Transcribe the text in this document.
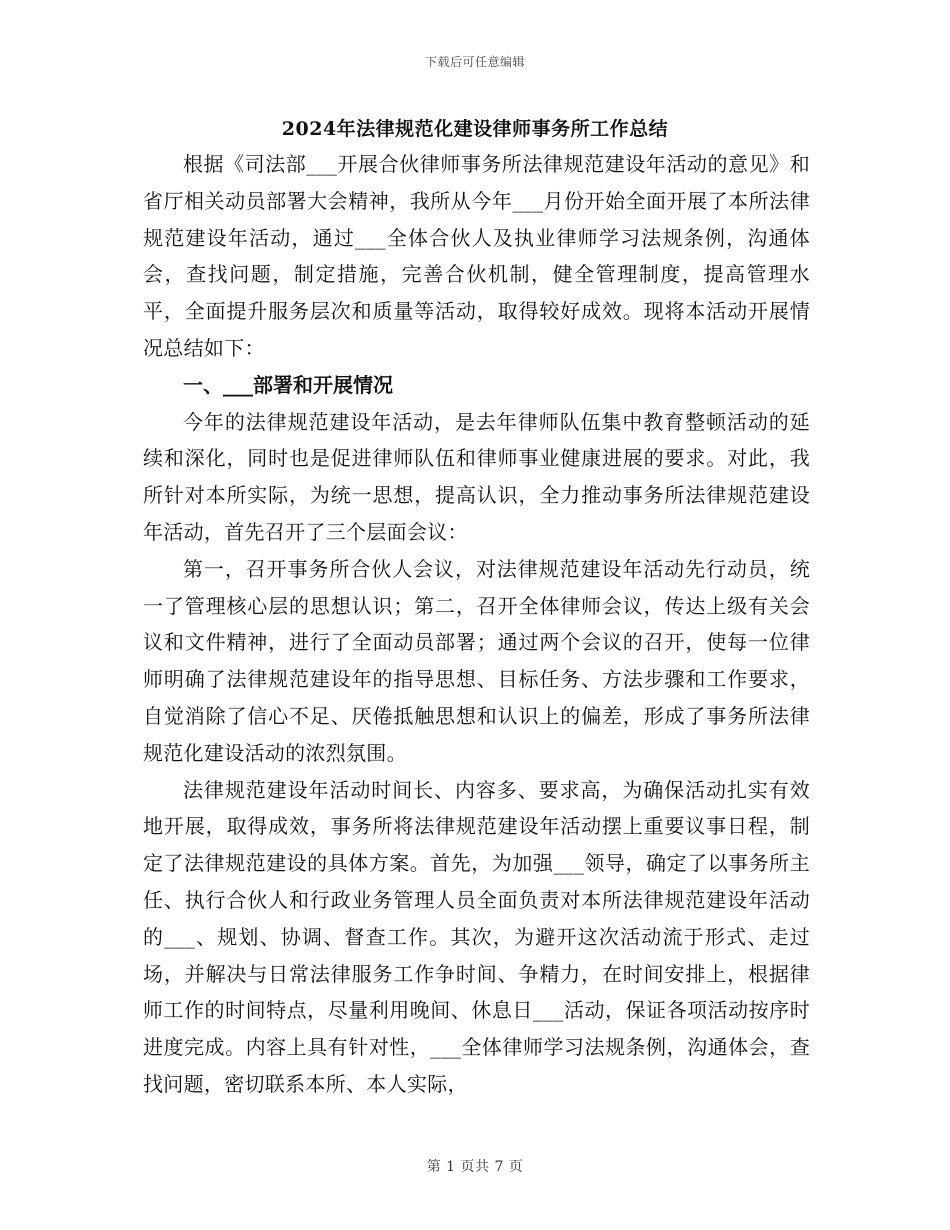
下载后可任意编辑
2024年法律规范化建设律师事务所工作总结

根据《司法部___开展合伙律师事务所法律规范建设年活动的意见》和省厅相关动员部署大会精神，我所从今年___月份开始全面开展了本所法律规范建设年活动，通过___全体合伙人及执业律师学习法规条例，沟通体会，查找问题，制定措施，完善合伙机制，健全管理制度，提高管理水平，全面提升服务层次和质量等活动，取得较好成效。现将本活动开展情况总结如下：

一、___部署和开展情况

今年的法律规范建设年活动，是去年律师队伍集中教育整顿活动的延续和深化，同时也是促进律师队伍和律师事业健康进展的要求。对此，我所针对本所实际，为统一思想，提高认识，全力推动事务所法律规范建设年活动，首先召开了三个层面会议：

第一，召开事务所合伙人会议，对法律规范建设年活动先行动员，统一了管理核心层的思想认识；第二，召开全体律师会议，传达上级有关会议和文件精神，进行了全面动员部署；通过两个会议的召开，使每一位律师明确了法律规范建设年的指导思想、目标任务、方法步骤和工作要求，自觉消除了信心不足、厌倦抵触思想和认识上的偏差，形成了事务所法律规范化建设活动的浓烈氛围。

法律规范建设年活动时间长、内容多、要求高，为确保活动扎实有效地开展，取得成效，事务所将法律规范建设年活动摆上重要议事日程，制定了法律规范建设的具体方案。首先，为加强___领导，确定了以事务所主任、执行合伙人和行政业务管理人员全面负责对本所法律规范建设年活动的___、规划、协调、督查工作。其次，为避开这次活动流于形式、走过场，并解决与日常法律服务工作争时间、争精力，在时间安排上，根据律师工作的时间特点，尽量利用晚间、休息日___活动，保证各项活动按序时进度完成。内容上具有针对性，___全体律师学习法规条例，沟通体会，查找问题，密切联系本所、本人实际，

第 1 页共 7 页
